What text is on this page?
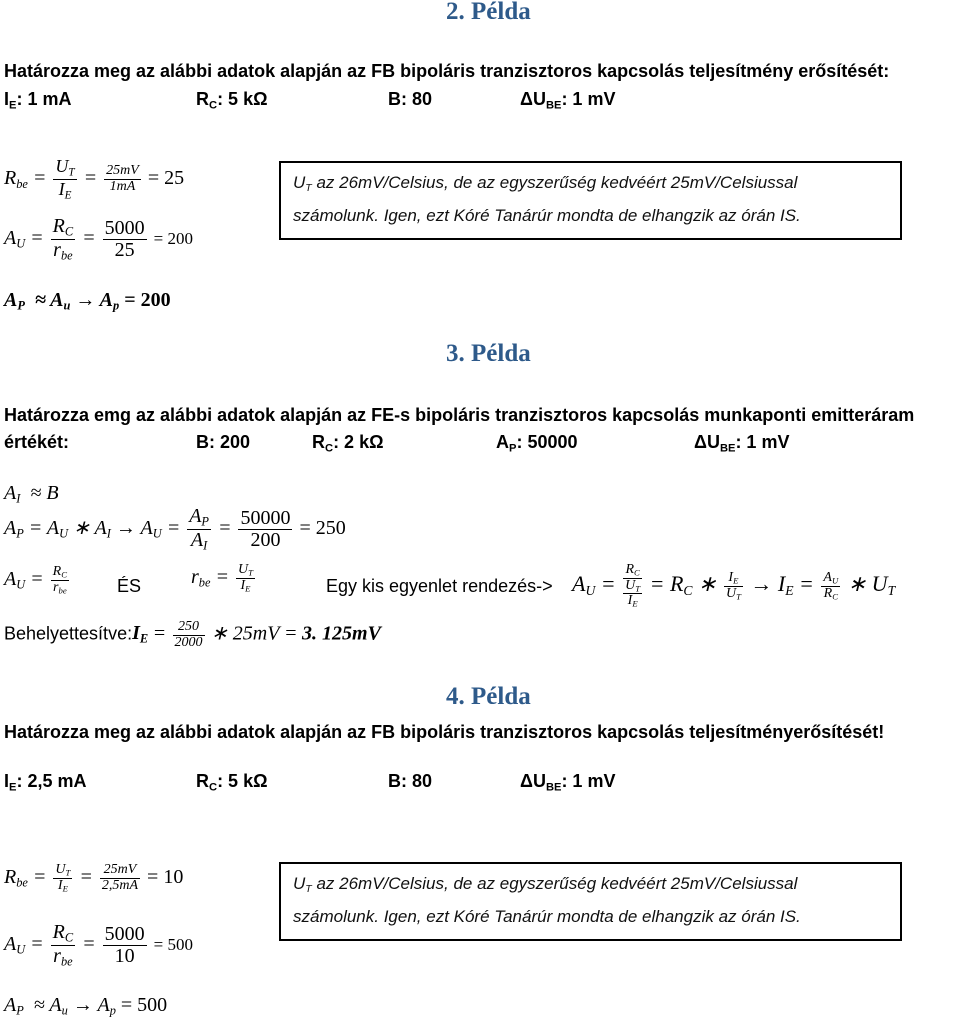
2. Példa
Határozza meg az alábbi adatok alapján az FB bipoláris tranzisztoros kapcsolás teljesítmény erősítését:
$I_E$: 1 mA	$R_C$: 5 kΩ	B: 80	$\Delta U_{BE}$: 1 mV
$R_{be} = \frac{U_T}{I_E} = \frac{25mV}{1mA} = 25$
$A_U = \frac{R_C}{r_{be}} = \frac{5000}{25} = 200$
$U_T$ az 26mV/Celsius, de az egyszerűség kedvéért 25mV/Celsiussal
számolunk. Igen, ezt Kóré Tanárúr mondta de elhangzik az órán IS.
$A_P \approx A_u \to A_p = 200$
3. Példa
Határozza emg az alábbi adatok alapján az FE-s bipoláris tranzisztoros kapcsolás munkaponti emitteráram
értékét:	B: 200	$R_C$: 2 kΩ	$A_P$: 50000	$\Delta U_{BE}$: 1 mV
$A_I \approx B$
$A_P = A_U$ ∗ $A_I \to A_U = \frac{A_P}{A_I} = \frac{50000}{200} = 250$
$A_U = \frac{R_C}{r_{be}}$	ÉS $r_{be} = \frac{U_T}{I_E}$	Egy kis egyenlet rendezés-> $A_U$ =
$R_C$
$U_T$
$I_E$
= $R_C$ ∗ $\frac{I_E}{U_T} \to I_E = \frac{A_U}{R_C}$ ∗ $U_T$
$Behelyettesítve:I_E = \frac{250}{2000}$ ∗ 25mV = 3. 125mV
4. Példa
Határozza meg az alábbi adatok alapján az FB bipoláris tranzisztoros kapcsolás teljesítményerősítését!
$I_E$: 2,5 mA	$R_C$: 5 kΩ	B: 80	$\Delta U_{BE}$: 1 mV
$R_{be} = \frac{U_T}{I_E} = \frac{25mV}{2,5mA} = 10$
$A_U = \frac{R_C}{r_{be}} = \frac{5000}{10} = 500$
$U_T$ az 26mV/Celsius, de az egyszerűség kedvéért 25mV/Celsiussal
számolunk. Igen, ezt Kóré Tanárúr mondta de elhangzik az órán IS.
$A_P \approx A_u \to A_p = 500$
